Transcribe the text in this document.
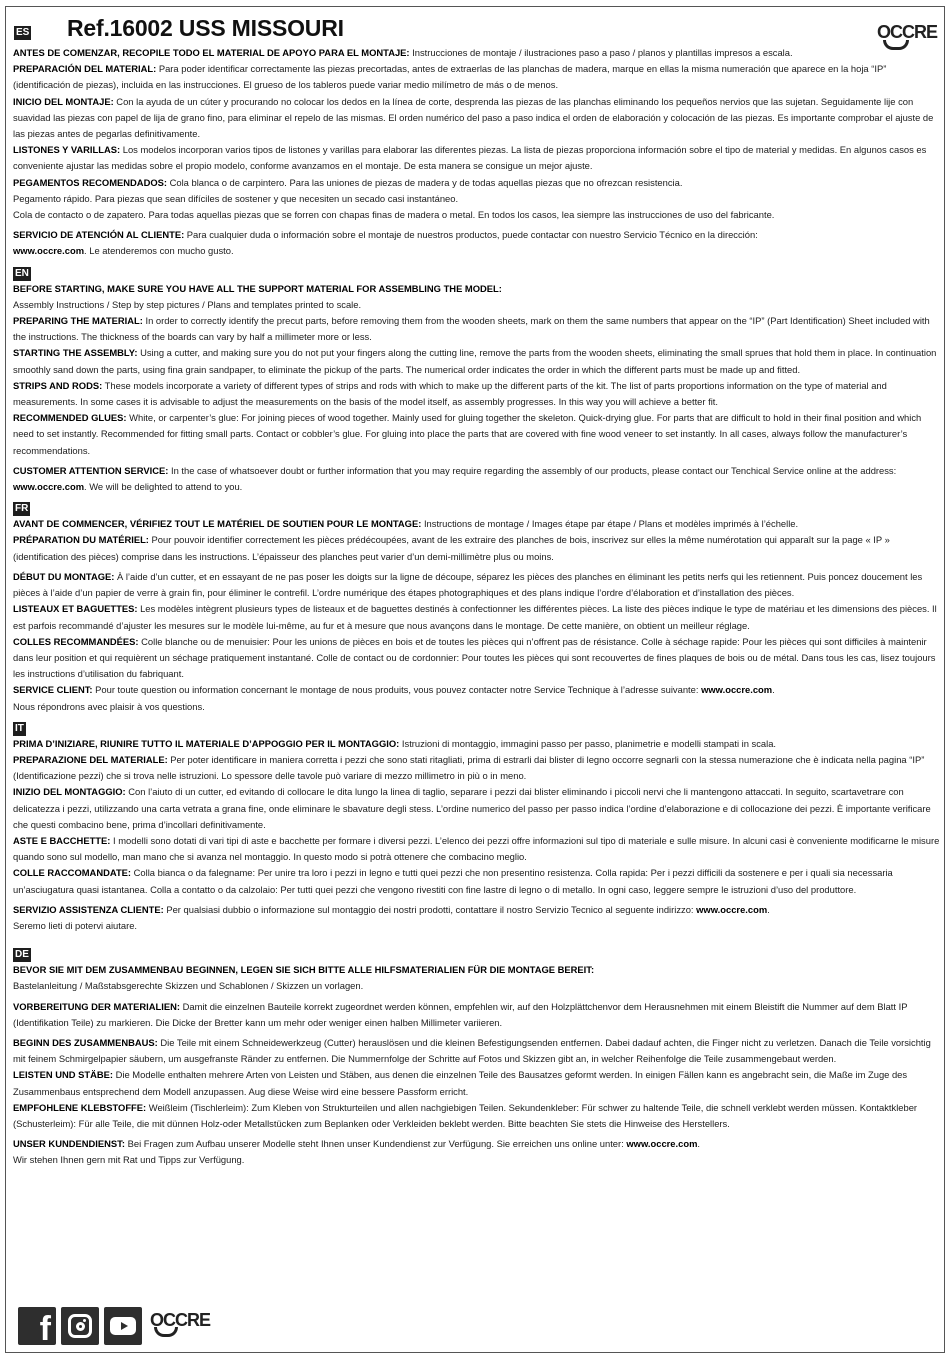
ES Ref.16002 USS MISSOURI	OCCRE

ANTES DE COMENZAR, RECOPILE TODO EL MATERIAL DE APOYO PARA EL MONTAJE: Instrucciones de montaje / ilustraciones paso a paso / planos y plantillas impresos a escala.

PREPARACIÓN DEL MATERIAL: Para poder identificar correctamente las piezas precortadas, antes de extraerlas de las planchas de madera, marque en ellas la misma numeración que aparece en la hoja “IP” (identificación de piezas), incluida en las instrucciones. El grueso de los tableros puede variar medio milímetro de más o de menos.

INICIO DEL MONTAJE: Con la ayuda de un cúter y procurando no colocar los dedos en la línea de corte, desprenda las piezas de las planchas eliminando los pequeños nervios que las sujetan. Seguidamente lije con suavidad las piezas con papel de lija de grano fino, para eliminar el repelo de las mismas. El orden numérico del paso a paso indica el orden de elaboración y colocación de las piezas. Es importante comprobar el ajuste de las piezas antes de pegarlas definitivamente.

LISTONES Y VARILLAS: Los modelos incorporan varios tipos de listones y varillas para elaborar las diferentes piezas. La lista de piezas proporciona información sobre el tipo de material y medidas. En algunos casos es conveniente ajustar las medidas sobre el propio modelo, conforme avanzamos en el montaje. De esta manera se consigue un mejor ajuste.

PEGAMENTOS RECOMENDADOS: Cola blanca o de carpintero. Para las uniones de piezas de madera y de todas aquellas piezas que no ofrezcan resistencia.
Pegamento rápido. Para piezas que sean difíciles de sostener y que necesiten un secado casi instantáneo.
Cola de contacto o de zapatero. Para todas aquellas piezas que se forren con chapas finas de madera o metal. En todos los casos, lea siempre las instrucciones de uso del fabricante.

SERVICIO DE ATENCIÓN AL CLIENTE: Para cualquier duda o información sobre el montaje de nuestros productos, puede contactar con nuestro Servicio Técnico en la dirección:
www.occre.com. Le atenderemos con mucho gusto.

EN

BEFORE STARTING, MAKE SURE YOU HAVE ALL THE SUPPORT MATERIAL FOR ASSEMBLING THE MODEL:
Assembly Instructions / Step by step pictures / Plans and templates printed to scale.

PREPARING THE MATERIAL: In order to correctly identify the precut parts, before removing them from the wooden sheets, mark on them the same numbers that appear on the “IP” (Part Identification) Sheet included with the instructions. The thickness of the boards can vary by half a millimeter more or less.

STARTING THE ASSEMBLY: Using a cutter, and making sure you do not put your fingers along the cutting line, remove the parts from the wooden sheets, eliminating the small sprues that hold them in place. In continuation smoothly sand down the parts, using fina grain sandpaper, to eliminate the pickup of the parts. The numerical order indicates the order in which the different parts must be made up and fitted.

STRIPS AND RODS: These models incorporate a variety of different types of strips and rods with which to make up the different parts of the kit. The list of parts proportions information on the type of material and measurements. In some cases it is advisable to adjust the measurements on the basis of the model itself, as assembly progresses. In this way you will achieve a better fit.

RECOMMENDED GLUES: White, or carpenter’s glue: For joining pieces of wood together. Mainly used for gluing together the skeleton. Quick-drying glue. For parts that are difficult to hold in their final position and which need to set instantly. Recommended for fitting small parts. Contact or cobbler’s glue. For gluing into place the parts that are covered with fine wood veneer to set instantly. In all cases, always follow the manufacturer’s recommendations.

CUSTOMER ATTENTION SERVICE: In the case of whatsoever doubt or further information that you may require regarding the assembly of our products, please contact our Tenchical Service online at the address: www.occre.com. We will be delighted to attend to you.

FR

AVANT DE COMMENCER, VÉRIFIEZ TOUT LE MATÉRIEL DE SOUTIEN POUR LE MONTAGE: Instructions de montage / Images étape par étape / Plans et modèles imprimés à l’échelle.

PRÉPARATION DU MATÉRIEL: Pour pouvoir identifier correctement les pièces prédécoupées, avant de les extraire des planches de bois, inscrivez sur elles la même numérotation qui apparaît sur la page « IP » (identification des pièces) comprise dans les instructions. L’épaisseur des planches peut varier d’un demi-millimètre plus ou moins.

DÉBUT DU MONTAGE: À l’aide d’un cutter, et en essayant de ne pas poser les doigts sur la ligne de découpe, séparez les pièces des planches en éliminant les petits nerfs qui les retiennent. Puis poncez doucement les pièces à l’aide d’un papier de verre à grain fin, pour éliminer le contrefil. L’ordre numérique des étapes photographiques et des plans indique l’ordre d’élaboration et d’installation des pièces.

LISTEAUX ET BAGUETTES: Les modèles intègrent plusieurs types de listeaux et de baguettes destinés à confectionner les différentes pièces. La liste des pièces indique le type de matériau et les dimensions des pièces. Il est parfois recommandé d’ajuster les mesures sur le modèle lui-même, au fur et à mesure que nous avançons dans le montage. De cette manière, on obtient un meilleur réglage.

COLLES RECOMMANDÉES: Colle blanche ou de menuisier: Pour les unions de pièces en bois et de toutes les pièces qui n’offrent pas de résistance. Colle à séchage rapide: Pour les pièces qui sont difficiles à maintenir dans leur position et qui requièrent un séchage pratiquement instantané. Colle de contact ou de cordonnier: Pour toutes les pièces qui sont recouvertes de fines plaques de bois ou de métal. Dans tous les cas, lisez toujours les instructions d’utilisation du fabriquant.

SERVICE CLIENT: Pour toute question ou information concernant le montage de nous produits, vous pouvez contacter notre Service Technique à l’adresse suivante: www.occre.com.
Nous répondrons avec plaisir à vos questions.

IT

PRIMA D’INIZIARE, RIUNIRE TUTTO IL MATERIALE D’APPOGGIO PER IL MONTAGGIO: Istruzioni di montaggio, immagini passo per passo, planimetrie e modelli stampati in scala.

PREPARAZIONE DEL MATERIALE: Per poter identificare in maniera corretta i pezzi che sono stati ritagliati, prima di estrarli dai blister di legno occorre segnarli con la stessa numerazione che è indicata nella pagina “IP” (Identificazione pezzi) che si trova nelle istruzioni. Lo spessore delle tavole può variare di mezzo millimetro in più o in meno.

INIZIO DEL MONTAGGIO: Con l’aiuto di un cutter, ed evitando di collocare le dita lungo la linea di taglio, separare i pezzi dai blister eliminando i piccoli nervi che li mantengono attaccati. In seguito, scartavetrare con delicatezza i pezzi, utilizzando una carta vetrata a grana fine, onde eliminare le sbavature degli stess. L’ordine numerico del passo per passo indica l’ordine d’elaborazione e di collocazione dei pezzi. È importante verificare che questi combacino bene, prima d’incollari definitivamente.

ASTE E BACCHETTE: I modelli sono dotati di vari tipi di aste e bacchette per formare i diversi pezzi. L’elenco dei pezzi offre informazioni sul tipo di materiale e sulle misure. In alcuni casi è conveniente modificarne le misure quando sono sul modello, man mano che si avanza nel montaggio. In questo modo si potrà ottenere che combacino meglio.

COLLE RACCOMANDATE: Colla bianca o da falegname: Per unire tra loro i pezzi in legno e tutti quei pezzi che non presentino resistenza. Colla rapida: Per i pezzi difficili da sostenere e per i quali sia necessaria un’asciugatura quasi istantanea. Colla a contatto o da calzolaio: Per tutti quei pezzi che vengono rivestiti con fine lastre di legno o di metallo. In ogni caso, leggere sempre le istruzioni d’uso del produttore.

SERVIZIO ASSISTENZA CLIENTE: Per qualsiasi dubbio o informazione sul montaggio dei nostri prodotti, contattare il nostro Servizio Tecnico al seguente indirizzo: www.occre.com.
Seremo lieti di potervi aiutare.

DE

BEVOR SIE MIT DEM ZUSAMMENBAU BEGINNEN, LEGEN SIE SICH BITTE ALLE HILFSMATERIALIEN FÜR DIE MONTAGE BEREIT:
Bastelanleitung / Maßstabsgerechte Skizzen und Schablonen / Skizzen un vorlagen.

VORBEREITUNG DER MATERIALIEN: Damit die einzelnen Bauteile korrekt zugeordnet werden können, empfehlen wir, auf den Holzplättchenvor dem Herausnehmen mit einem Bleistift die Nummer auf dem Blatt IP (Identifikation Teile) zu markieren. Die Dicke der Bretter kann um mehr oder weniger einen halben Millimeter variieren.

BEGINN DES ZUSAMMENBAUS: Die Teile mit einem Schneidewerkzeug (Cutter) herauslösen und die kleinen Befestigungsenden entfernen. Dabei dadauf achten, die Finger nicht zu verletzen. Danach die Teile vorsichtig mit feinem Schmirgelpapier säubern, um ausgefranste Ränder zu entfernen. Die Nummernfolge der Schritte auf Fotos und Skizzen gibt an, in welcher Reihenfolge die Teile zusammengebaut werden.

LEISTEN UND STÄBE: Die Modelle enthalten mehrere Arten von Leisten und Stäben, aus denen die einzelnen Teile des Bausatzes geformt werden. In einigen Fällen kann es angebracht sein, die Maße im Zuge des Zusammenbaus entsprechend dem Modell anzupassen. Aug diese Weise wird eine bessere Passform erricht.

EMPFOHLENE KLEBSTOFFE: Weißleim (Tischlerleim): Zum Kleben von Strukturteilen und allen nachgiebigen Teilen. Sekundenkleber: Für schwer zu haltende Teile, die schnell verklebt werden müssen. Kontaktkleber (Schusterleim): Für alle Teile, die mit dünnen Holz-oder Metallstücken zum Beplanken oder Verkleiden beklebt werden. Bitte beachten Sie stets die Hinweise des Herstellers.

UNSER KUNDENDIENST: Bei Fragen zum Aufbau unserer Modelle steht Ihnen unser Kundendienst zur Verfügung. Sie erreichen uns online unter: www.occre.com.
Wir stehen Ihnen gern mit Rat und Tipps zur Verfügung.

f	OCCRE
